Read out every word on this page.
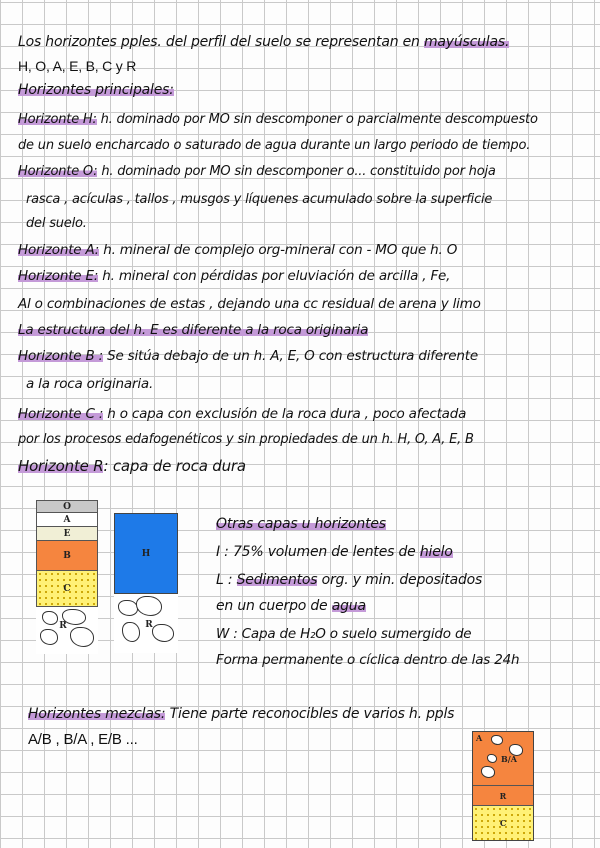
Los horizontes pples. del perfil del suelo se representan en mayúsculas.

H, O, A, E, B, C y R

Horizontes principales:

Horizonte H: h. dominado por MO sin descomponer o parcialmente descompuesto

de un suelo encharcado o saturado de agua durante un largo periodo de tiempo.

Horizonte O: h. dominado por MO sin descomponer o... constituido por hoja

rasca , acículas , tallos , musgos y líquenes acumulado sobre la superficie

del suelo.

Horizonte A: h. mineral de complejo org-mineral con - MO que h. O

Horizonte E: h. mineral con pérdidas por eluviación de arcilla , Fe,

Al o combinaciones de estas , dejando una cc residual de arena y limo

La estructura del h. E es diferente a la roca originaria

Horizonte B : Se sitúa debajo de un h. A, E, O con estructura diferente

a la roca originaria.

Horizonte C : h o capa con exclusión de la roca dura , poco afectada

por los procesos edafogenéticos y sin propiedades de un h. H, O, A, E, B

Horizonte R: capa de roca dura

O
A
E
B
C
R
H
R

Otras capas u horizontes

I : 75% volumen de lentes de hielo

L : Sedimentos org. y min. depositados

en un cuerpo de agua

W : Capa de H₂O o suelo sumergido de

Forma permanente o cíclica dentro de las 24h

Horizontes mezclas: Tiene parte reconocibles de varios h. ppls

A/B , B/A , E/B ...	A
B/A
R
C
